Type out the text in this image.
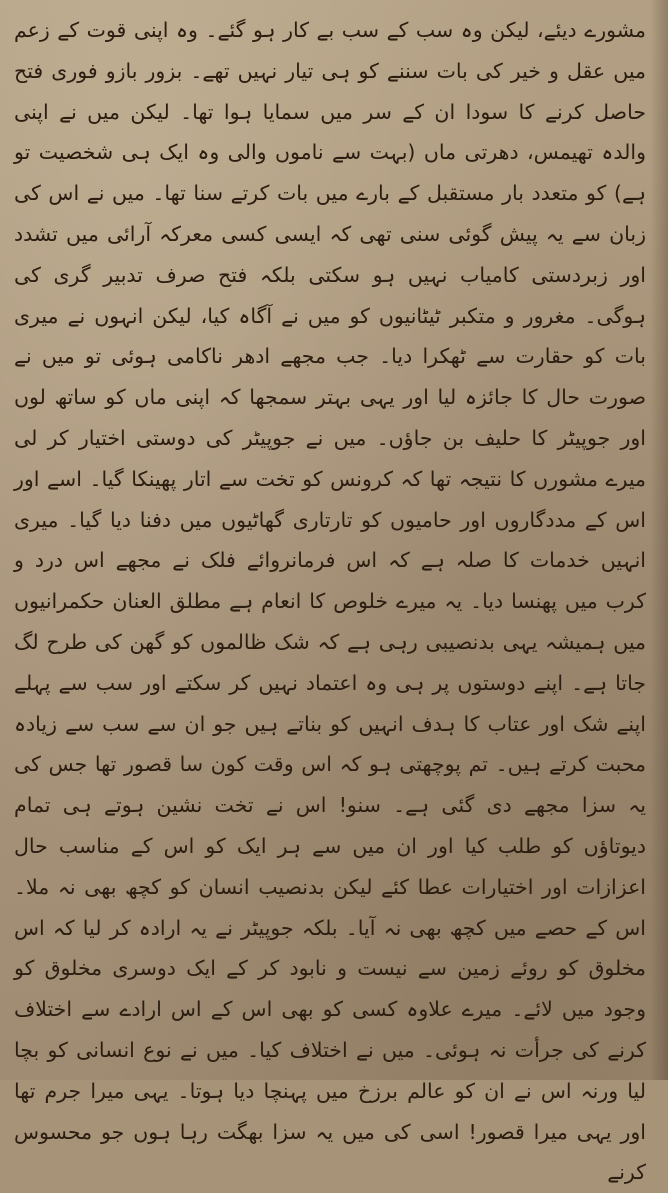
مشورے دیئے، لیکن وہ سب کے سب بے کار ہو گئے۔ وہ اپنی قوت کے زعم میں عقل و خیر کی بات سننے کو ہی تیار نہیں تھے۔ بزور بازو فوری فتح حاصل کرنے کا سودا ان کے سر میں سمایا ہوا تھا۔ لیکن میں نے اپنی والدہ تھیمس، دھرتی ماں (بہت سے ناموں والی وہ ایک ہی شخصیت تو ہے) کو متعدد بار مستقبل کے بارے میں بات کرتے سنا تھا۔ میں نے اس کی زبان سے یہ پیش گوئی سنی تھی کہ ایسی کسی معرکہ آرائی میں تشدد اور زبردستی کامیاب نہیں ہو سکتی بلکہ فتح صرف تدبیر گری کی ہوگی۔ مغرور و متکبر ٹیٹانیوں کو میں نے آگاہ کیا، لیکن انہوں نے میری بات کو حقارت سے ٹھکرا دیا۔ جب مجھے ادھر ناکامی ہوئی تو میں نے صورت حال کا جائزہ لیا اور یہی بہتر سمجھا کہ اپنی ماں کو ساتھ لوں اور جوپیٹر کا حلیف بن جاؤں۔ میں نے جوپیٹر کی دوستی اختیار کر لی میرے مشورں کا نتیجہ تھا کہ کرونس کو تخت سے اتار پھینکا گیا۔ اسے اور اس کے مددگاروں اور حامیوں کو تارتاری گھاٹیوں میں دفنا دیا گیا۔ میری انہیں خدمات کا صلہ ہے کہ اس فرمانروائے فلک نے مجھے اس درد و کرب میں پھنسا دیا۔ یہ میرے خلوص کا انعام ہے مطلق العنان حکمرانیوں میں ہمیشہ یہی بدنصیبی رہی ہے کہ شک ظالموں کو گھن کی طرح لگ جاتا ہے۔ اپنے دوستوں پر ہی وہ اعتماد نہیں کر سکتے اور سب سے پہلے اپنے شک اور عتاب کا ہدف انہیں کو بناتے ہیں جو ان سے سب سے زیادہ محبت کرتے ہیں۔ تم پوچھتی ہو کہ اس وقت کون سا قصور تھا جس کی یہ سزا مجھے دی گئی ہے۔ سنو! اس نے تخت نشین ہوتے ہی تمام دیوتاؤں کو طلب کیا اور ان میں سے ہر ایک کو اس کے مناسب حال اعزازات اور اختیارات عطا کئے لیکن بدنصیب انسان کو کچھ بھی نہ ملا۔ اس کے حصے میں کچھ بھی نہ آیا۔ بلکہ جوپیٹر نے یہ ارادہ کر لیا کہ اس مخلوق کو روئے زمین سے نیست و نابود کر کے ایک دوسری مخلوق کو وجود میں لائے۔ میرے علاوہ کسی کو بھی اس کے اس ارادے سے اختلاف کرنے کی جرأت نہ ہوئی۔ میں نے اختلاف کیا۔ میں نے نوع انسانی کو بچا لیا ورنہ اس نے ان کو عالم برزخ میں پہنچا دیا ہوتا۔ یہی میرا جرم تھا اور یہی میرا قصور! اسی کی میں یہ سزا بھگت رہا ہوں جو محسوس کرنے
